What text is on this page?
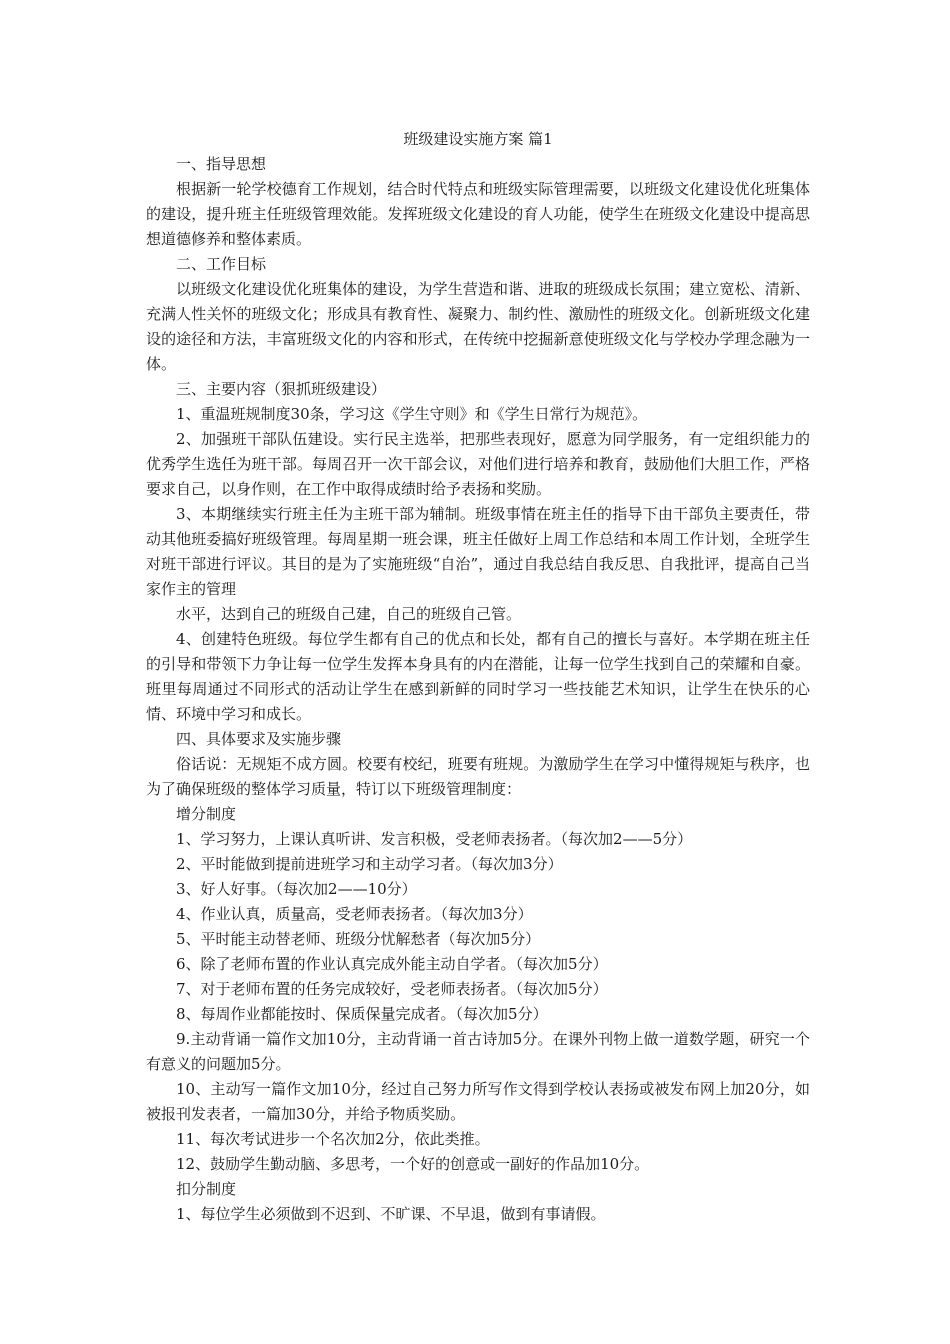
班级建设实施方案 篇1

一、指导思想

根据新一轮学校德育工作规划，结合时代特点和班级实际管理需要，以班级文化建设优化班集体的建设，提升班主任班级管理效能。发挥班级文化建设的育人功能，使学生在班级文化建设中提高思想道德修养和整体素质。

二、工作目标

以班级文化建设优化班集体的建设，为学生营造和谐、进取的班级成长氛围；建立宽松、清新、充满人性关怀的班级文化；形成具有教育性、凝聚力、制约性、激励性的班级文化。创新班级文化建设的途径和方法，丰富班级文化的内容和形式，在传统中挖掘新意使班级文化与学校办学理念融为一体。

三、主要内容（狠抓班级建设）

1、重温班规制度30条，学习这《学生守则》和《学生日常行为规范》。

2、加强班干部队伍建设。实行民主选举，把那些表现好，愿意为同学服务，有一定组织能力的优秀学生选任为班干部。每周召开一次干部会议，对他们进行培养和教育，鼓励他们大胆工作，严格要求自己，以身作则，在工作中取得成绩时给予表扬和奖励。

3、本期继续实行班主任为主班干部为辅制。班级事情在班主任的指导下由干部负主要责任，带动其他班委搞好班级管理。每周星期一班会课，班主任做好上周工作总结和本周工作计划，全班学生对班干部进行评议。其目的是为了实施班级“自治”，通过自我总结自我反思、自我批评，提高自己当家作主的管理

水平，达到自己的班级自己建，自己的班级自己管。

4、创建特色班级。每位学生都有自己的优点和长处，都有自己的擅长与喜好。本学期在班主任的引导和带领下力争让每一位学生发挥本身具有的内在潜能，让每一位学生找到自己的荣耀和自豪。班里每周通过不同形式的活动让学生在感到新鲜的同时学习一些技能艺术知识，让学生在快乐的心情、环境中学习和成长。

四、具体要求及实施步骤

俗话说：无规矩不成方圆。校要有校纪，班要有班规。为激励学生在学习中懂得规矩与秩序，也为了确保班级的整体学习质量，特订以下班级管理制度：

增分制度

1、学习努力，上课认真听讲、发言积极，受老师表扬者。（每次加2——5分）

2、平时能做到提前进班学习和主动学习者。（每次加3分）

3、好人好事。（每次加2——10分）

4、作业认真，质量高，受老师表扬者。（每次加3分）

5、平时能主动替老师、班级分忧解愁者（每次加5分）

6、除了老师布置的作业认真完成外能主动自学者。（每次加5分）

7、对于老师布置的任务完成较好，受老师表扬者。（每次加5分）

8、每周作业都能按时、保质保量完成者。（每次加5分）

9.主动背诵一篇作文加10分，主动背诵一首古诗加5分。在课外刊物上做一道数学题，研究一个有意义的问题加5分。

10、主动写一篇作文加10分，经过自己努力所写作文得到学校认表扬或被发布网上加20分，如被报刊发表者，一篇加30分，并给予物质奖励。

11、每次考试进步一个名次加2分，依此类推。

12、鼓励学生勤动脑、多思考，一个好的创意或一副好的作品加10分。

扣分制度

1、每位学生必须做到不迟到、不旷课、不早退，做到有事请假。
